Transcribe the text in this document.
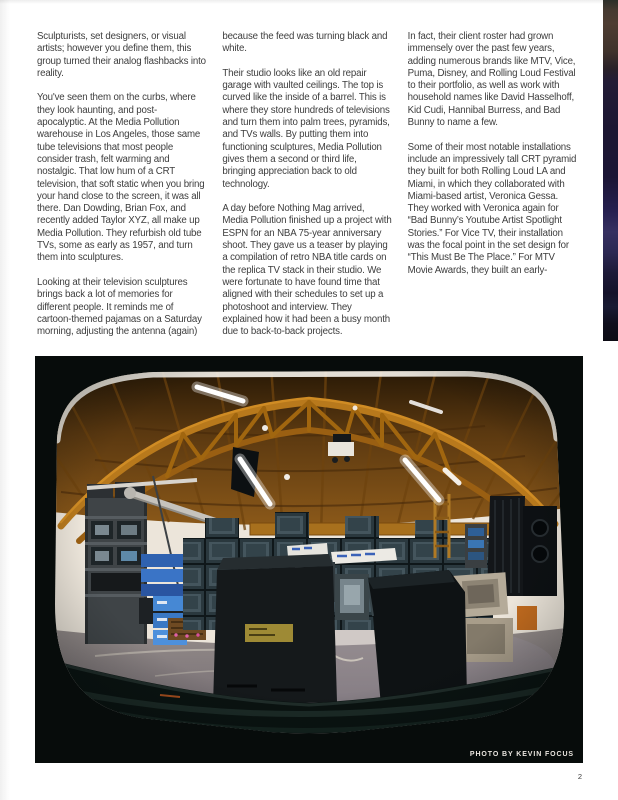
Sculpturists, set designers, or visual artists; however you define them, this group turned their analog flashbacks into reality.

You've seen them on the curbs, where they look haunting, and post-apocalyptic. At the Media Pollution warehouse in Los Angeles, those same tube televisions that most people consider trash, felt warming and nostalgic. That low hum of a CRT television, that soft static when you bring your hand close to the screen, it was all there. Dan Dowding, Brian Fox, and recently added Taylor XYZ, all make up Media Pollution. They refurbish old tube TVs, some as early as 1957, and turn them into sculptures.

Looking at their television sculptures brings back a lot of memories for different people. It reminds me of cartoon-themed pajamas on a Saturday morning, adjusting the antenna (again) because the feed was turning black and white.

Their studio looks like an old repair garage with vaulted ceilings. The top is curved like the inside of a barrel. This is where they store hundreds of televisions and turn them into palm trees, pyramids, and TVs walls. By putting them into functioning sculptures, Media Pollution gives them a second or third life, bringing appreciation back to old technology.

A day before Nothing Mag arrived, Media Pollution finished up a project with ESPN for an NBA 75-year anniversary shoot. They gave us a teaser by playing a compilation of retro NBA title cards on the replica TV stack in their studio. We were fortunate to have found time that aligned with their schedules to set up a photoshoot and interview. They explained how it had been a busy month due to back-to-back projects.

In fact, their client roster had grown immensely over the past few years, adding numerous brands like MTV, Vice, Puma, Disney, and Rolling Loud Festival to their portfolio, as well as work with household names like David Hasselhoff, Kid Cudi, Hannibal Burress, and Bad Bunny to name a few.

Some of their most notable installations include an impressively tall CRT pyramid they built for both Rolling Loud LA and Miami, in which they collaborated with Miami-based artist, Veronica Gessa. They worked with Veronica again for “Bad Bunny’s Youtube Artist Spotlight Stories.” For Vice TV, their installation was the focal point in the set design for “This Must Be The Place.” For MTV Movie Awards, they built an early-

PHOTO BY KEVIN FOCUS
2
